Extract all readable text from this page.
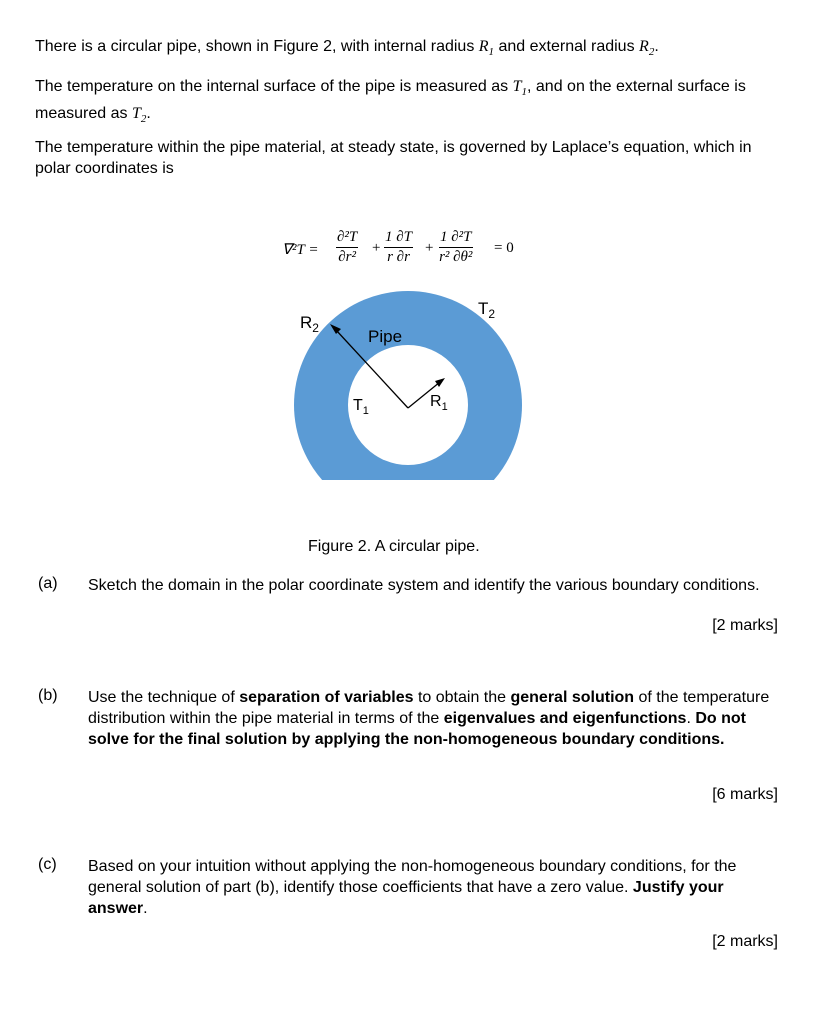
There is a circular pipe, shown in Figure 2, with internal radius $R_1$ and external radius $R_2$.

The temperature on the internal surface of the pipe is measured as $T_1$, and on the external surface is measured as $T_2$.

The temperature within the pipe material, at steady state, is governed by Laplace’s equation, which in polar coordinates is

$\nabla^2T = \frac{\text{∂²T}}{\text{∂r²}} + \frac{1 \partial T}{r \partial r} + \frac{\text{1 ∂²T}}{\text{r² ∂θ²}} = 0$
$R_2$
$T_2$
Pipe
$T_1$
$R_1$
Figure 2. A circular pipe.
(a) Sketch the domain in the polar coordinate system and identify the various boundary conditions.
[2 marks]
(b) Use the technique of separation of variables to obtain the general solution of the temperature distribution within the pipe material in terms of the eigenvalues and eigenfunctions. Do not solve for the final solution by applying the non-homogeneous boundary conditions.
[6 marks]
(c) Based on your intuition without applying the non-homogeneous boundary conditions, for the general solution of part (b), identify those coefficients that have a zero value. Justify your answer.
[2 marks]
